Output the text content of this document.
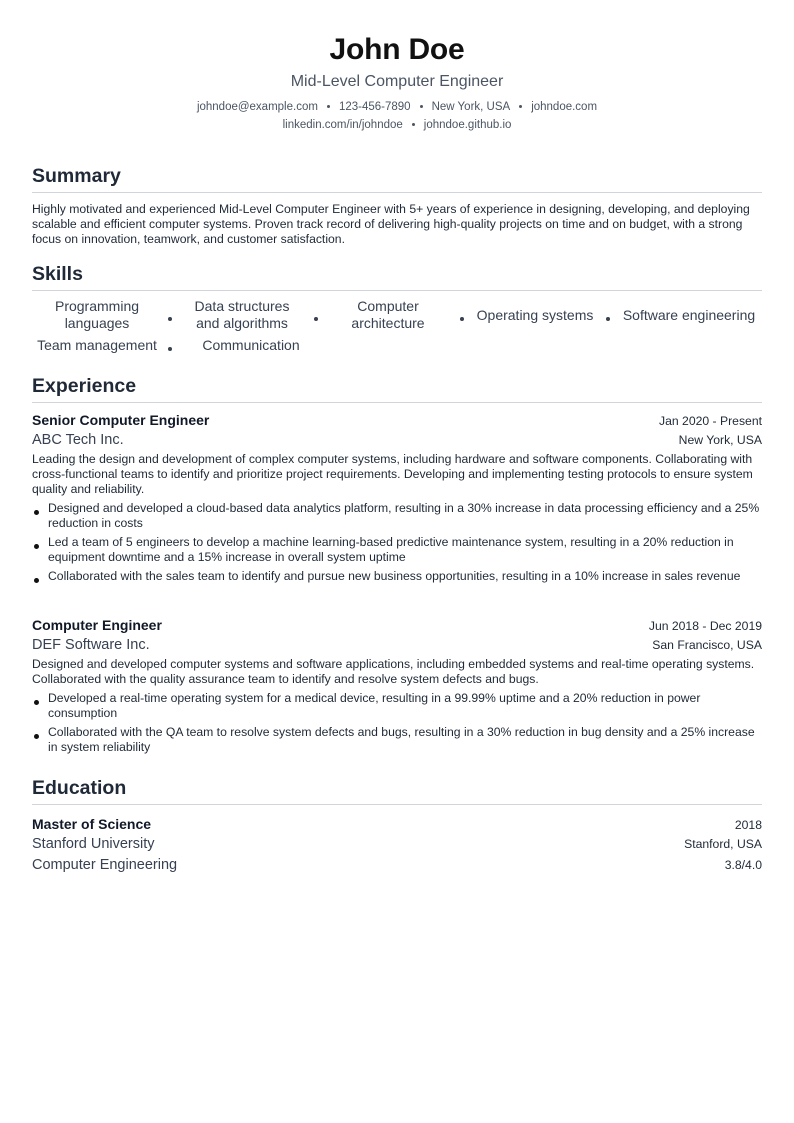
John Doe
Mid-Level Computer Engineer
johndoe@example.com 123-456-7890 New York, USA johndoe.com
linkedin.com/in/johndoe johndoe.github.io
Summary
Highly motivated and experienced Mid-Level Computer Engineer with 5+ years of experience in designing, developing, and deploying scalable and efficient computer systems. Proven track record of delivering high-quality projects on time and on budget, with a strong focus on innovation, teamwork, and customer satisfaction.
Skills
Programming languages
Data structures and algorithms
Computer architecture	Operating systems	Software engineering
Team management	Communication
Experience
Senior Computer Engineer	Jan 2020 - Present
ABC Tech Inc.	New York, USA
Leading the design and development of complex computer systems, including hardware and software components. Collaborating with cross-functional teams to identify and prioritize project requirements. Developing and implementing testing protocols to ensure system quality and reliability.
Designed and developed a cloud-based data analytics platform, resulting in a 30% increase in data processing efficiency and a 25% reduction in costs
Led a team of 5 engineers to develop a machine learning-based predictive maintenance system, resulting in a 20% reduction in equipment downtime and a 15% increase in overall system uptime
Collaborated with the sales team to identify and pursue new business opportunities, resulting in a 10% increase in sales revenue
Computer Engineer	Jun 2018 - Dec 2019
DEF Software Inc.	San Francisco, USA
Designed and developed computer systems and software applications, including embedded systems and real-time operating systems. Collaborated with the quality assurance team to identify and resolve system defects and bugs.
Developed a real-time operating system for a medical device, resulting in a 99.99% uptime and a 20% reduction in power consumption
Collaborated with the QA team to resolve system defects and bugs, resulting in a 30% reduction in bug density and a 25% increase in system reliability
Education
Master of Science	2018
Stanford University	Stanford, USA
Computer Engineering	3.8/4.0
